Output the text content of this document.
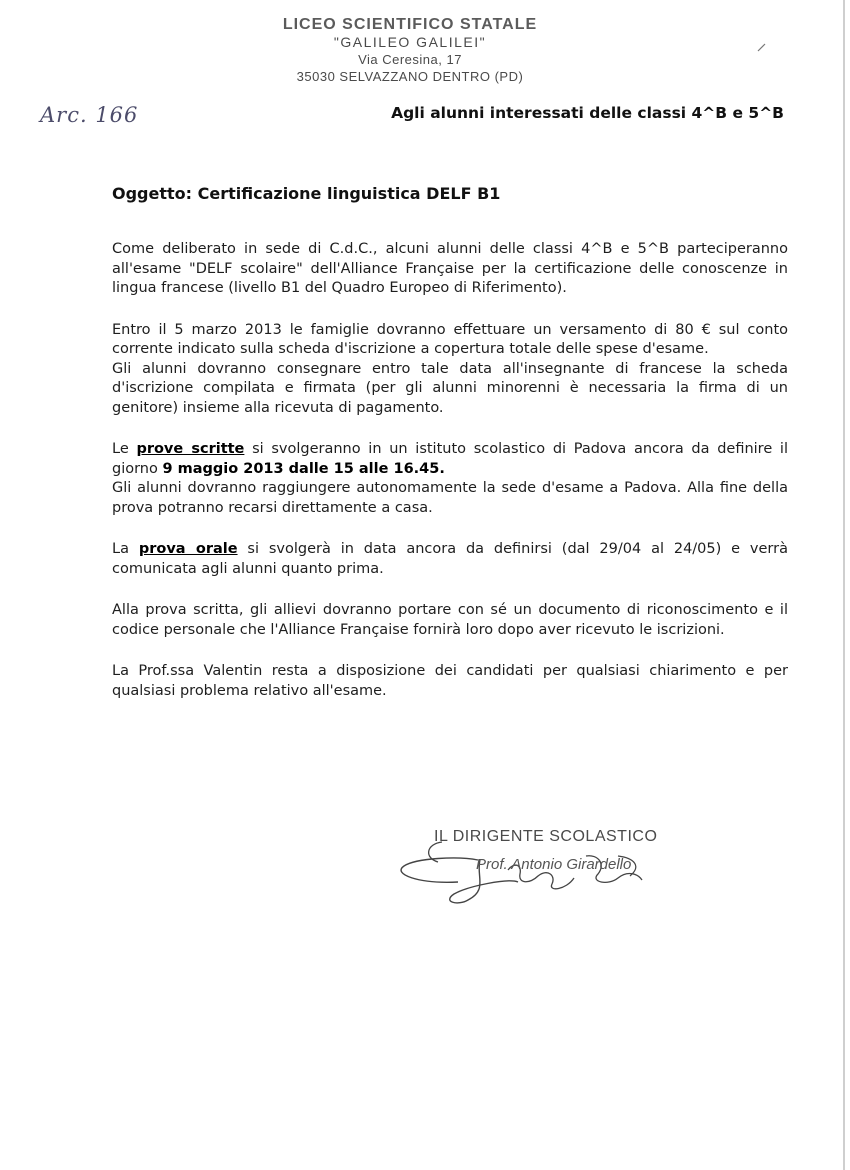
LICEO SCIENTIFICO STATALE
"GALILEO GALILEI"
Via Ceresina, 17
35030 SELVAZZANO DENTRO (PD)
Arc. 166	Agli alunni interessati delle classi 4^B e 5^B
Oggetto: Certificazione linguistica DELF B1

Come deliberato in sede di C.d.C., alcuni alunni delle classi 4^B e 5^B parteciperanno all'esame "DELF scolaire" dell'Alliance Française per la certificazione delle conoscenze in lingua francese (livello B1 del Quadro Europeo di Riferimento).

Entro il 5 marzo 2013 le famiglie dovranno effettuare un versamento di 80 € sul conto corrente indicato sulla scheda d'iscrizione a copertura totale delle spese d'esame.

Gli alunni dovranno consegnare entro tale data all'insegnante di francese la scheda d'iscrizione compilata e firmata (per gli alunni minorenni è necessaria la firma di un genitore) insieme alla ricevuta di pagamento.

Le prove scritte si svolgeranno in un istituto scolastico di Padova ancora da definire il giorno 9 maggio 2013 dalle 15 alle 16.45.

Gli alunni dovranno raggiungere autonomamente la sede d'esame a Padova. Alla fine della prova potranno recarsi direttamente a casa.

La prova orale si svolgerà in data ancora da definirsi (dal 29/04 al 24/05) e verrà comunicata agli alunni quanto prima.

Alla prova scritta, gli allievi dovranno portare con sé un documento di riconoscimento e il codice personale che l'Alliance Française fornirà loro dopo aver ricevuto le iscrizioni.

La Prof.ssa Valentin resta a disposizione dei candidati per qualsiasi chiarimento e per qualsiasi problema relativo all'esame.

IL DIRIGENTE SCOLASTICO
Prof. Antonio Girardello
